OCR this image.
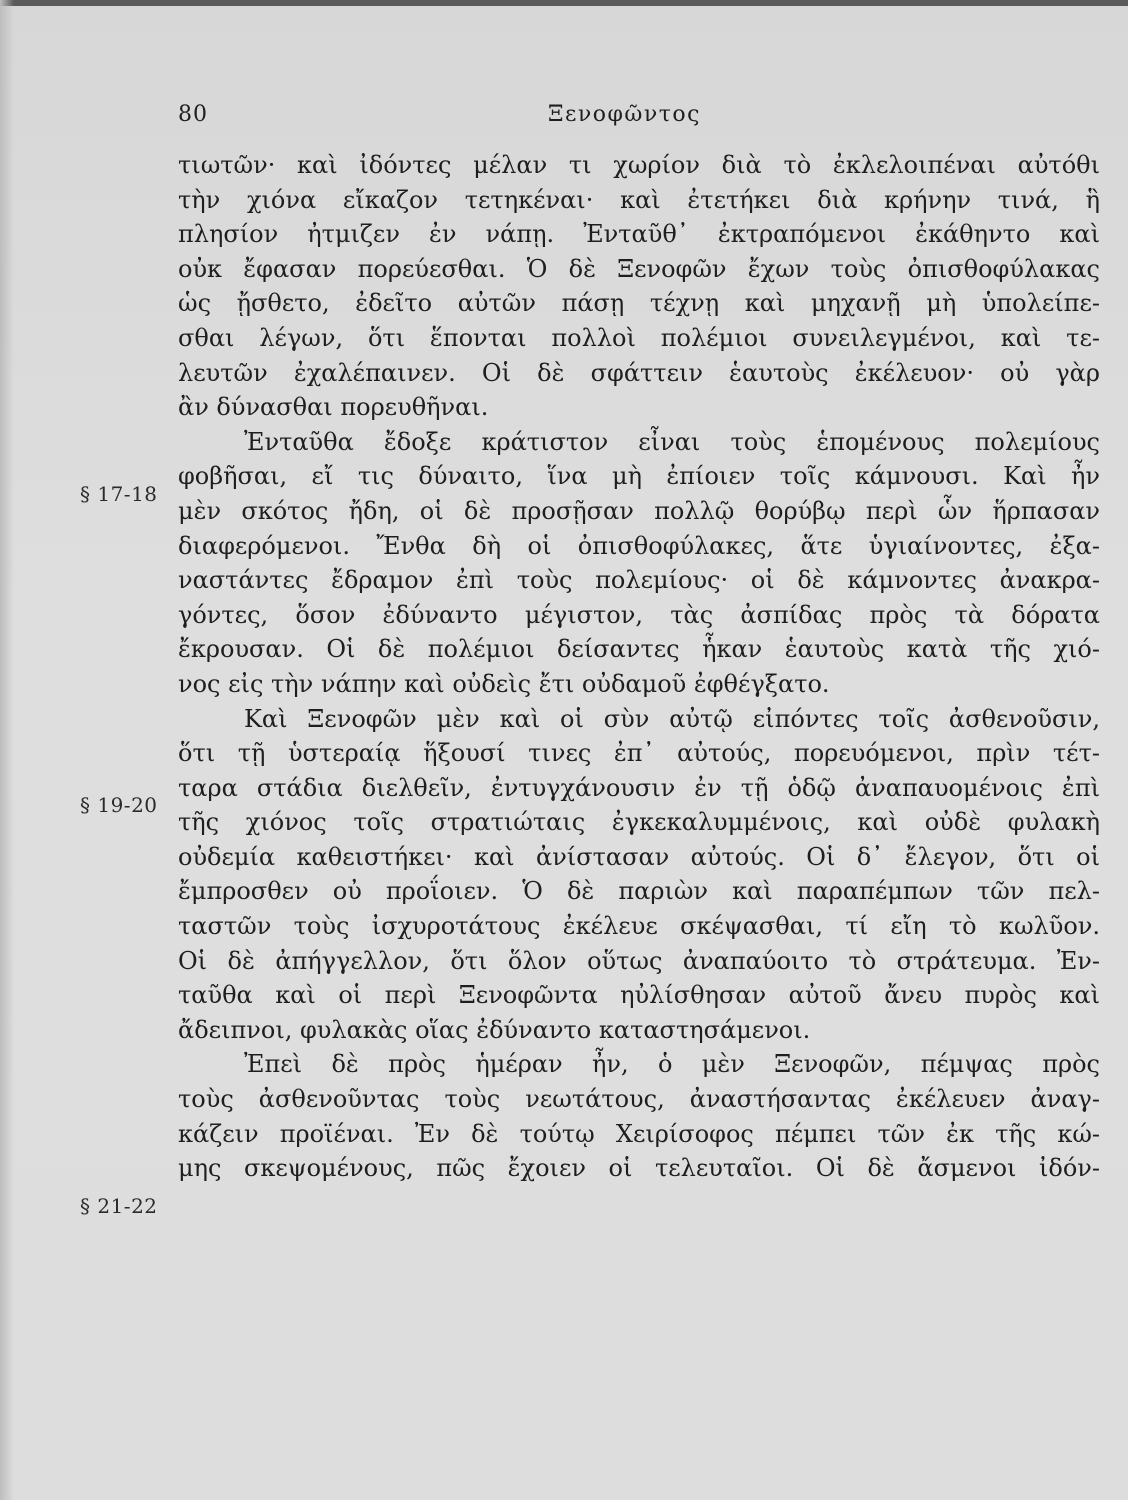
80	Ξενοφῶντος
§ 17-18
§ 19-20
§ 21-22
τιωτῶν· καὶ ἰδόντες μέλαν τι χωρίον διὰ τὸ ἐκλελοιπέναι αὐτόθι
τὴν χιόνα εἴκαζον τετηκέναι· καὶ ἐτετήκει διὰ κρήνην τινά, ἣ
πλησίον ἠτμιζεν ἐν νάπῃ. Ἐνταῦθ᾽ ἐκτραπόμενοι ἐκάθηντο καὶ
οὐκ ἔφασαν πορεύεσθαι. Ὁ δὲ Ξενοφῶν ἔχων τοὺς ὀπισθοφύλακας
ὡς ᾔσθετο, ἐδεῖτο αὐτῶν πάσῃ τέχνῃ καὶ μηχανῇ μὴ ὑπολείπε-
σθαι λέγων, ὅτι ἕπονται πολλοὶ πολέμιοι συνειλεγμένοι, καὶ τε-
λευτῶν ἐχαλέπαινεν. Οἱ δὲ σφάττειν ἑαυτοὺς ἐκέλευον· οὐ γὰρ
ἂν δύνασθαι πορευθῆναι.
Ἐνταῦθα ἔδοξε κράτιστον εἶναι τοὺς ἑπομένους πολεμίους
φοβῆσαι, εἴ τις δύναιτο, ἵνα μὴ ἐπίοιεν τοῖς κάμνουσι. Καὶ ἦν
μὲν σκότος ἤδη, οἱ δὲ προσῇσαν πολλῷ θορύβῳ περὶ ὧν ἥρπασαν
διαφερόμενοι. Ἔνθα δὴ οἱ ὀπισθοφύλακες, ἅτε ὑγιαίνοντες, ἐξα-
ναστάντες ἔδραμον ἐπὶ τοὺς πολεμίους· οἱ δὲ κάμνοντες ἀνακρα-
γόντες, ὅσον ἐδύναντο μέγιστον, τὰς ἀσπίδας πρὸς τὰ δόρατα
ἔκρουσαν. Οἱ δὲ πολέμιοι δείσαντες ἧκαν ἑαυτοὺς κατὰ τῆς χιό-
νος εἰς τὴν νάπην καὶ οὐδεὶς ἔτι οὐδαμοῦ ἐφθέγξατο.
Καὶ Ξενοφῶν μὲν καὶ οἱ σὺν αὐτῷ εἰπόντες τοῖς ἀσθενοῦσιν,
ὅτι τῇ ὑστεραίᾳ ἥξουσί τινες ἐπ᾽ αὐτούς, πορευόμενοι, πρὶν τέτ-
ταρα στάδια διελθεῖν, ἐντυγχάνουσιν ἐν τῇ ὁδῷ ἀναπαυομένοις ἐπὶ
τῆς χιόνος τοῖς στρατιώταις ἐγκεκαλυμμένοις, καὶ οὐδὲ φυλακὴ
οὐδεμία καθειστήκει· καὶ ἀνίστασαν αὐτούς. Οἱ δ᾽ ἔλεγον, ὅτι οἱ
ἔμπροσθεν οὐ προΐοιεν. Ὁ δὲ παριὼν καὶ παραπέμπων τῶν πελ-
ταστῶν τοὺς ἰσχυροτάτους ἐκέλευε σκέψασθαι, τί εἴη τὸ κωλῦον.
Οἱ δὲ ἀπήγγελλον, ὅτι ὅλον οὕτως ἀναπαύοιτο τὸ στράτευμα. Ἐν-
ταῦθα καὶ οἱ περὶ Ξενοφῶντα ηὐλίσθησαν αὐτοῦ ἄνευ πυρὸς καὶ
ἄδειπνοι, φυλακὰς οἵας ἐδύναντο καταστησάμενοι.
Ἐπεὶ δὲ πρὸς ἡμέραν ἦν, ὁ μὲν Ξενοφῶν, πέμψας πρὸς
τοὺς ἀσθενοῦντας τοὺς νεωτάτους, ἀναστήσαντας ἐκέλευεν ἀναγ-
κάζειν προϊέναι. Ἐν δὲ τούτῳ Χειρίσοφος πέμπει τῶν ἐκ τῆς κώ-
μης σκεψομένους, πῶς ἔχοιεν οἱ τελευταῖοι. Οἱ δὲ ἄσμενοι ἰδόν-
